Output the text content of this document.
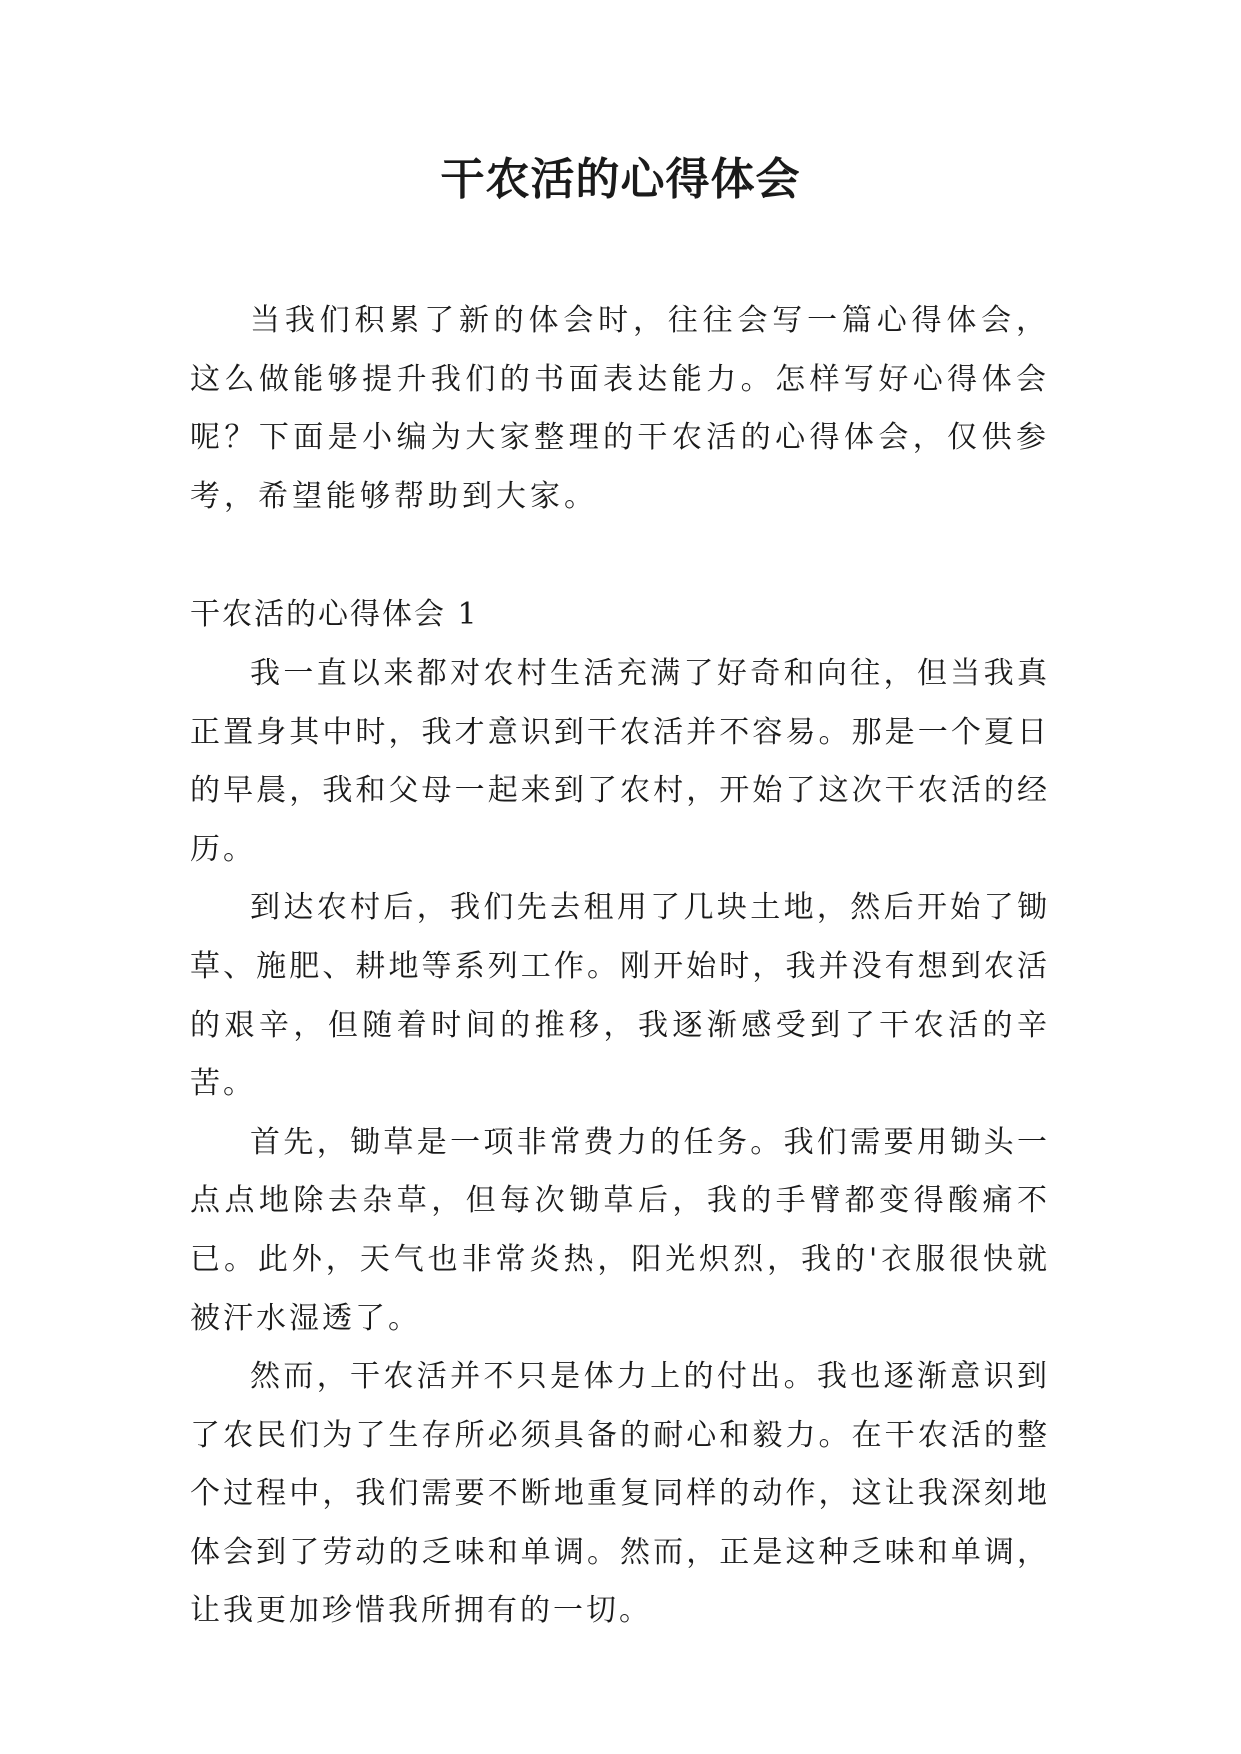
干农活的心得体会

当我们积累了新的体会时，往往会写一篇心得体会，这么做能够提升我们的书面表达能力。怎样写好心得体会呢？下面是小编为大家整理的干农活的心得体会，仅供参考，希望能够帮助到大家。

干农活的心得体会 1

我一直以来都对农村生活充满了好奇和向往，但当我真正置身其中时，我才意识到干农活并不容易。那是一个夏日的早晨，我和父母一起来到了农村，开始了这次干农活的经历。

到达农村后，我们先去租用了几块土地，然后开始了锄草、施肥、耕地等系列工作。刚开始时，我并没有想到农活的艰辛，但随着时间的推移，我逐渐感受到了干农活的辛苦。

首先，锄草是一项非常费力的任务。我们需要用锄头一点点地除去杂草，但每次锄草后，我的手臂都变得酸痛不已。此外，天气也非常炎热，阳光炽烈，我的'衣服很快就被汗水湿透了。

然而，干农活并不只是体力上的付出。我也逐渐意识到了农民们为了生存所必须具备的耐心和毅力。在干农活的整个过程中，我们需要不断地重复同样的动作，这让我深刻地体会到了劳动的乏味和单调。然而，正是这种乏味和单调，让我更加珍惜我所拥有的一切。
